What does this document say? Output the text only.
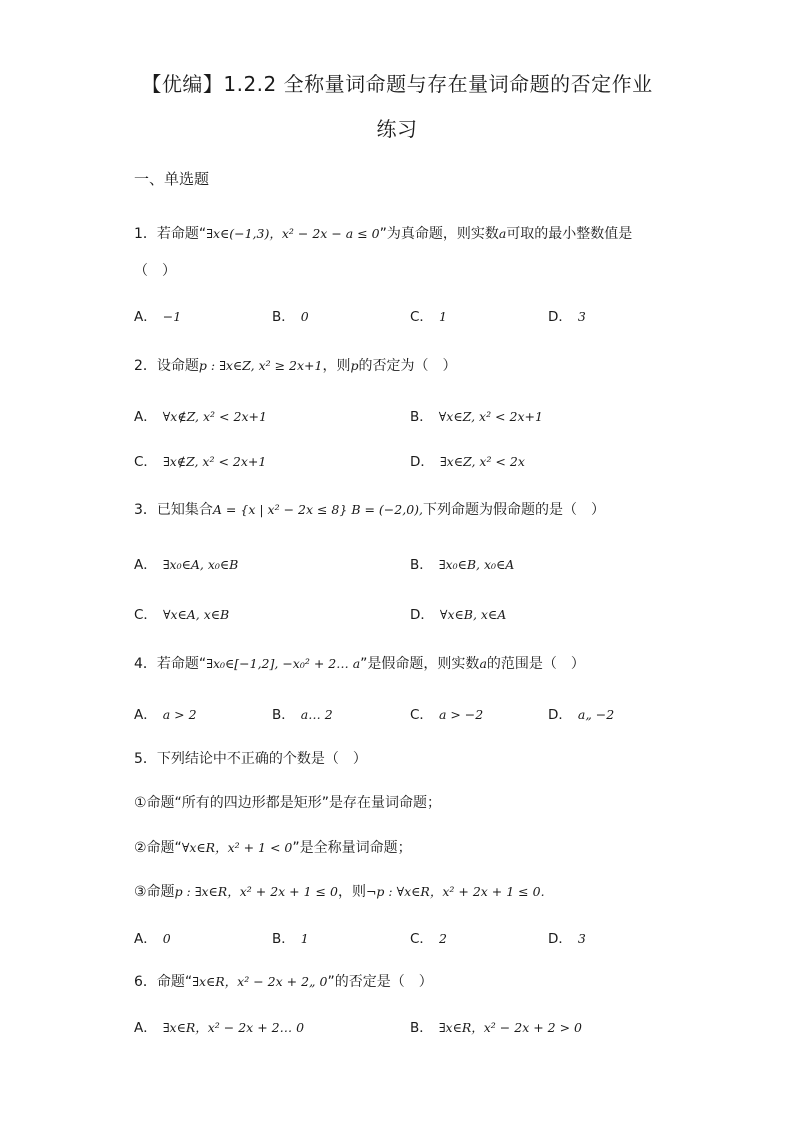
【优编】1.2.2 全称量词命题与存在量词命题的否定作业
练习
一、单选题
1．若命题“∃x∈(−1,3)，x² − 2x − a ≤ 0”为真命题，则实数a可取的最小整数值是
（　）
A． −1	B． 0	C． 1	D． 3
2．设命题p : ∃x∈Z, x² ≥ 2x+1，则p的否定为（　）
A． ∀x∉Z, x² < 2x+1	B． ∀x∈Z, x² < 2x+1
C． ∃x∉Z, x² < 2x+1	D． ∃x∈Z, x² < 2x
3．已知集合A = {x | x² − 2x ≤ 8} B = (−2,0),下列命题为假命题的是（　）
A． ∃x₀∈A, x₀∈B	B． ∃x₀∈B, x₀∈A
C． ∀x∈A, x∈B	D． ∀x∈B, x∈A
4．若命题“∃x₀∈[−1,2], −x₀² + 2… a”是假命题，则实数a的范围是（　）
A． a > 2	B． a… 2	C． a > −2	D． a„ −2
5．下列结论中不正确的个数是（　）
①命题“所有的四边形都是矩形”是存在量词命题；
②命题“∀x∈R，x² + 1 < 0”是全称量词命题；
③命题p : ∃x∈R，x² + 2x + 1 ≤ 0，则¬p : ∀x∈R，x² + 2x + 1 ≤ 0.
A． 0	B． 1	C． 2	D． 3
6．命题“∃x∈R，x² − 2x + 2„ 0”的否定是（　）
A． ∃x∈R，x² − 2x + 2… 0	B． ∃x∈R，x² − 2x + 2 > 0
